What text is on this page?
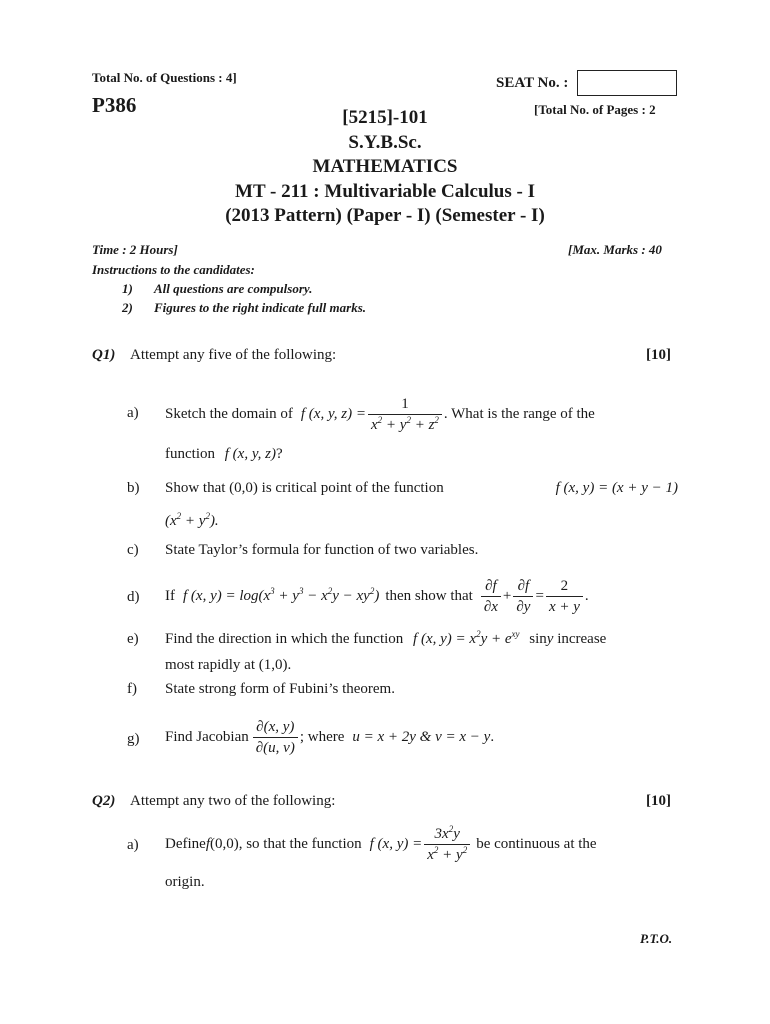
Total No. of Questions : 4]	SEAT No. :
P386	[Total No. of Pages : 2
[5215]-101
S.Y.B.Sc.
MATHEMATICS
MT - 211 : Multivariable Calculus - I
(2013 Pattern) (Paper - I) (Semester - I)
Time : 2 Hours]	[Max. Marks : 40
Instructions to the candidates:
1) All questions are compulsory.
2) Figures to the right indicate full marks.
Q1) Attempt any five of the following:	[10]
a) Sketch the domain of f (x, y, $z) = \frac{1}{x^2 + y^2 + z^2}$ . What is the range of the
function f (x, y, z)?
b) Show that (0,0) is critical point of the function	f (x, y) = (x + y − 1)
$(x^2 + y^2)$.
c) State Taylor’s formula for function of two variables.
d) If f (x, $y) = \log(x^3 + y^3 - x^2y - xy^2)$ then show that $\frac{\partial f}{\partial x} + \frac{\partial f}{\partial y} = \frac{2}{x + y}$ .
e) Find the direction in which the function f (x, $y) = x^2y + e^{xy}$ siny increase
most rapidly at (1,0).
f) State strong form of Fubini’s theorem.
g) Find Jacobian $\frac{\partial(x, y)}{\partial(u, v)}$ ; where u = x + 2y & v = x − y .
Q2) Attempt any two of the following:	[10]
a) Define f (0,0), so that the function f (x, $y) = \frac{3x^2y}{x^2 + y^2}$ be continuous at the
origin.
P.T.O.
